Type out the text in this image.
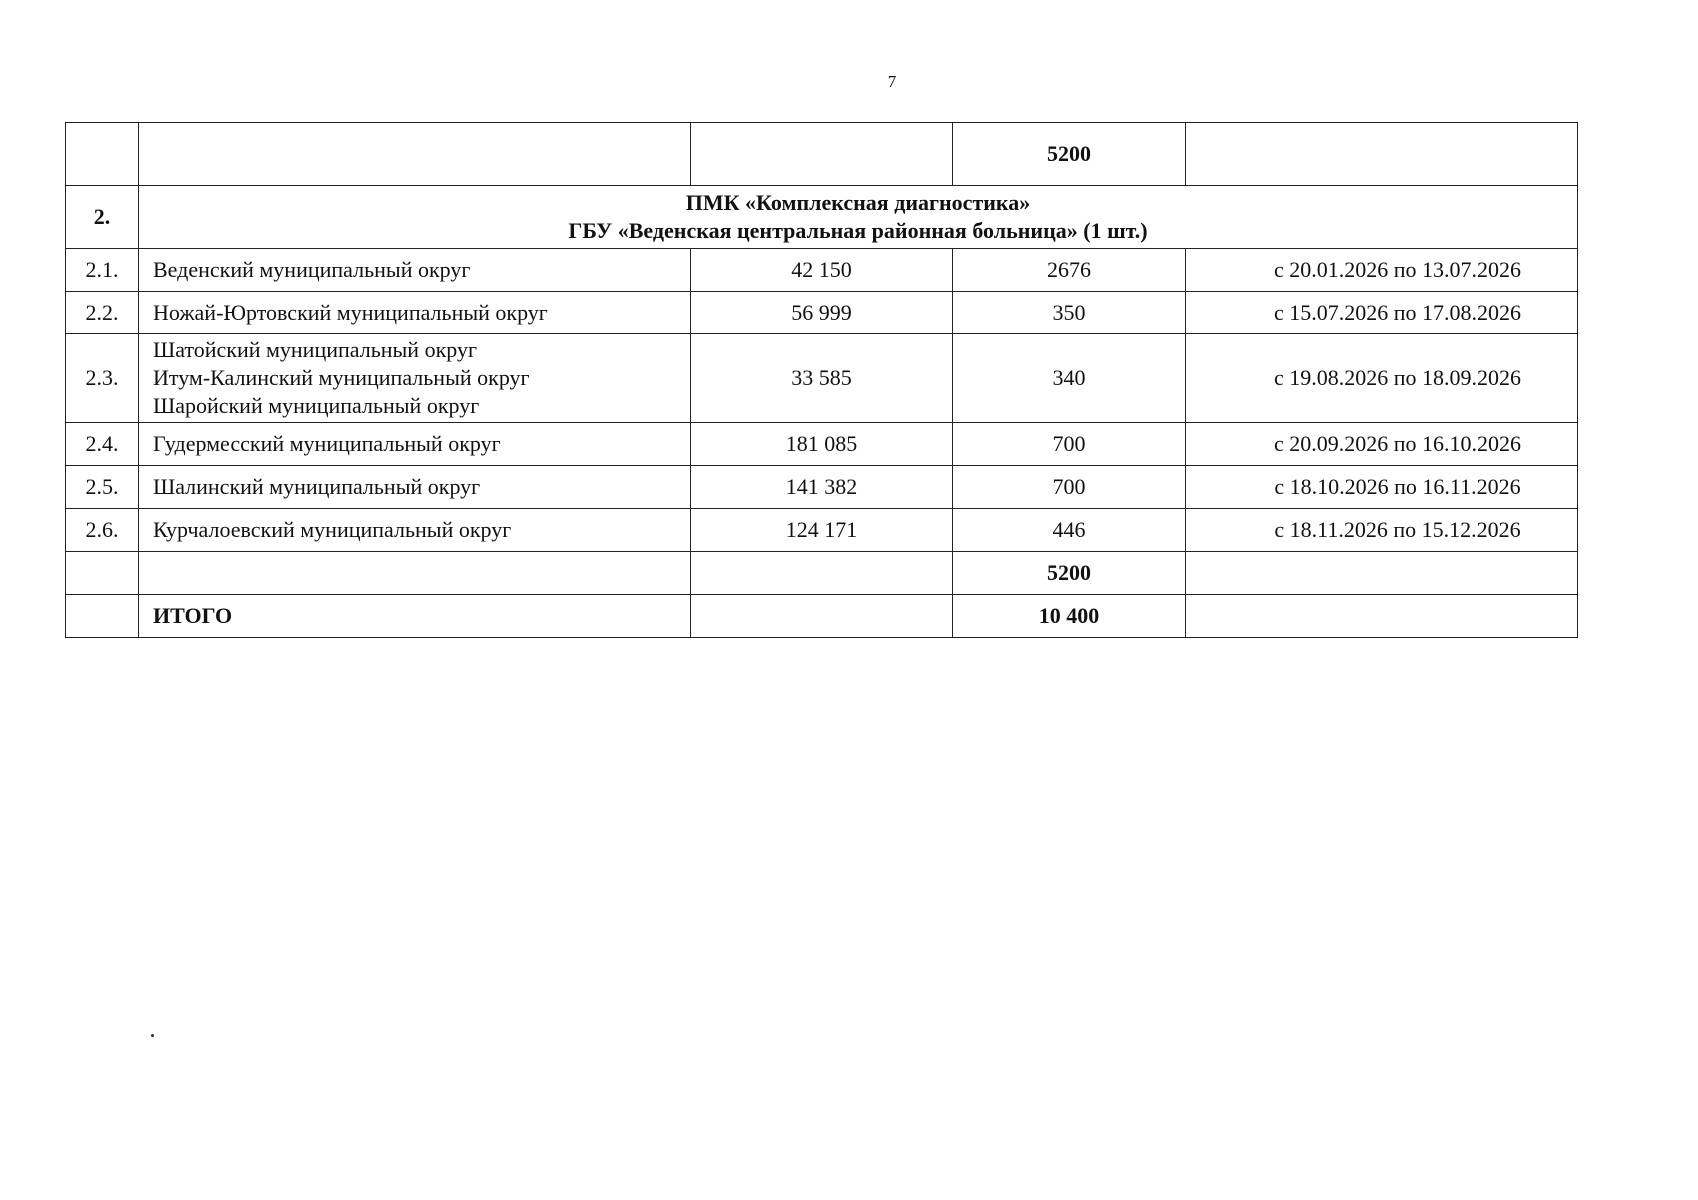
7
			5200	
2.	ПМК «Комплексная диагностика»
ГБУ «Веденская центральная районная больница» (1 шт.)			

2.1.	Веденский муниципальный округ	42 150	2676	с 20.01.2026 по 13.07.2026
2.2.	Ножай-Юртовский муниципальный округ	56 999	350	с 15.07.2026 по 17.08.2026
2.3.	Шатойский муниципальный округ
Итум-Калинский муниципальный округ
Шаройский муниципальный округ	33 585	340	с 19.08.2026 по 18.09.2026
2.4.	Гудермесский муниципальный округ	181 085	700	с 20.09.2026 по 16.10.2026
2.5.	Шалинский муниципальный округ	141 382	700	с 18.10.2026 по 16.11.2026
2.6.	Курчалоевский муниципальный округ	124 171	446	с 18.11.2026 по 15.12.2026
			5200	
	ИТОГО		10 400	
